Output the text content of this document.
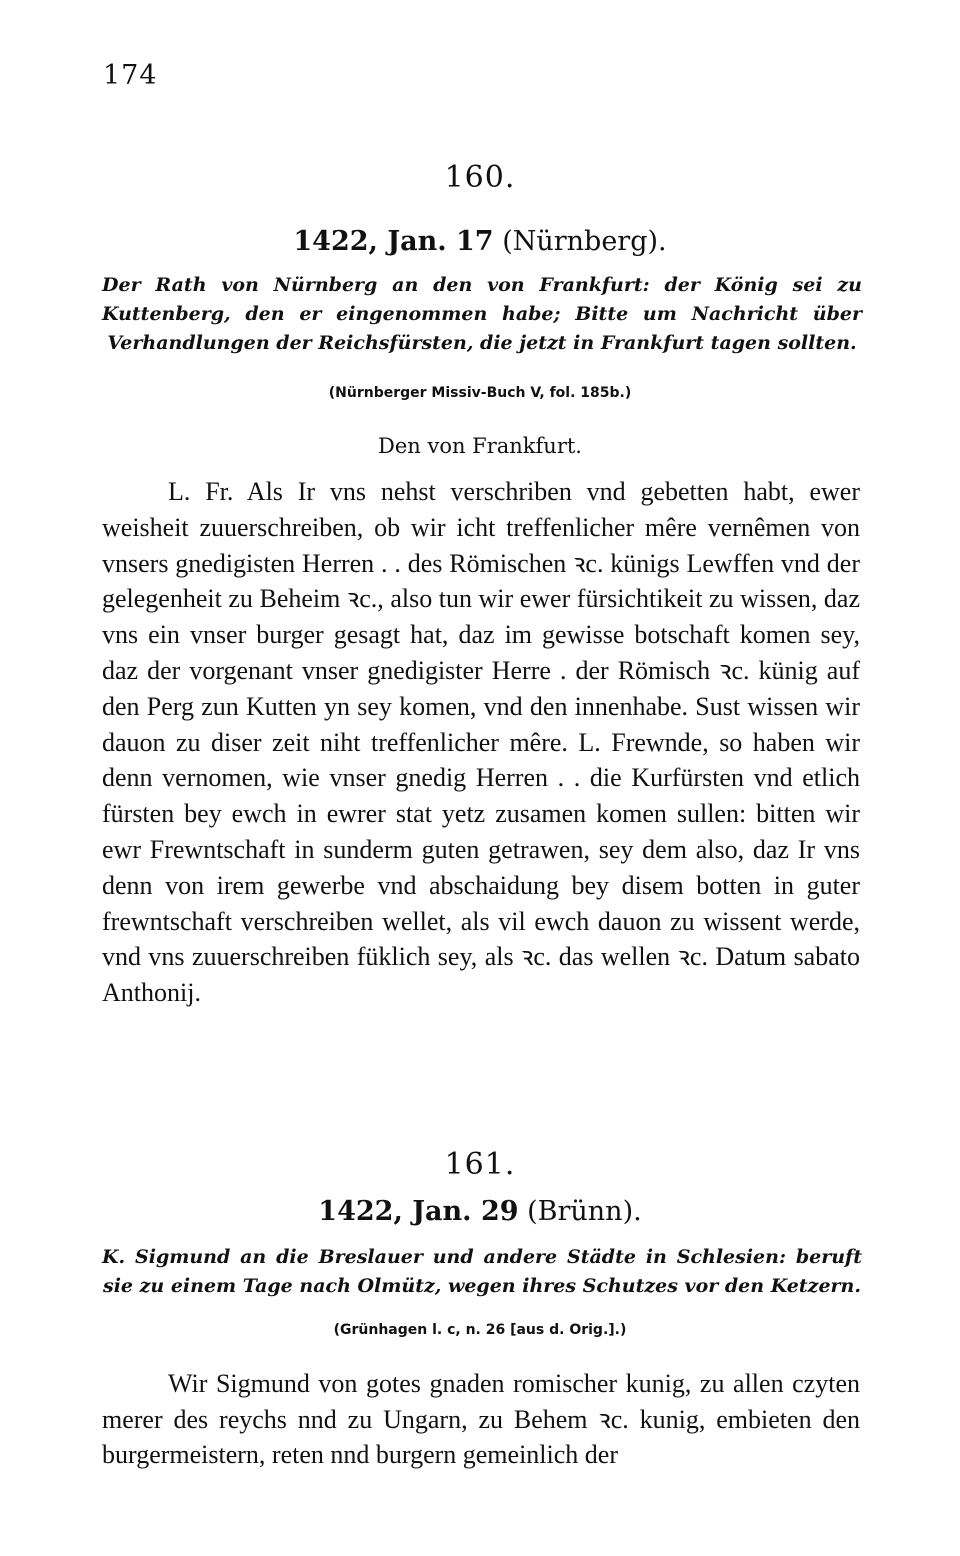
174
160.
1422, Jan. 17 (Nürnberg).
Der Rath von Nürnberg an den von Frankfurt: der König sei zu Kuttenberg, den er eingenommen habe; Bitte um Nachricht über Verhandlungen der Reichsfürsten, die jetzt in Frankfurt tagen sollten.
(Nürnberger Missiv-Buch V, fol. 185b.)
Den von Frankfurt.

L. Fr. Als Ir vns nehst verschriben vnd gebetten habt, ewer weisheit zuuerschreiben, ob wir icht treffenlicher mêre vernêmen von vnsers gnedigisten Herren . . des Römischen ꝛc. künigs Lewffen vnd der gelegenheit zu Beheim ꝛc., also tun wir ewer fürsichtikeit zu wissen, daz vns ein vnser burger gesagt hat, daz im gewisse botschaft komen sey, daz der vorgenant vnser gnedigister Herre . der Römisch ꝛc. künig auf den Perg zun Kutten yn sey komen, vnd den innenhabe. Sust wissen wir dauon zu diser zeit niht treffenlicher mêre. L. Frewnde, so haben wir denn vernomen, wie vnser gnedig Herren . . die Kurfürsten vnd etlich fürsten bey ewch in ewrer stat yetz zusamen komen sullen: bitten wir ewr Frewntschaft in sunderm guten getrawen, sey dem also, daz Ir vns denn von irem gewerbe vnd abschaidung bey disem botten in guter frewntschaft verschreiben wellet, als vil ewch dauon zu wissent werde, vnd vns zuuerschreiben füklich sey, als ꝛc. das wellen ꝛc. Datum sabato Anthonij.

161.
1422, Jan. 29 (Brünn).
K. Sigmund an die Breslauer und andere Städte in Schlesien: beruft sie zu einem Tage nach Olmütz, wegen ihres Schutzes vor den Ketzern.
(Grünhagen l. c, n. 26 [aus d. Orig.].)

Wir Sigmund von gotes gnaden romischer kunig, zu allen czyten merer des reychs nnd zu Ungarn, zu Behem ꝛc. kunig, embieten den burgermeistern, reten nnd burgern gemeinlich der
